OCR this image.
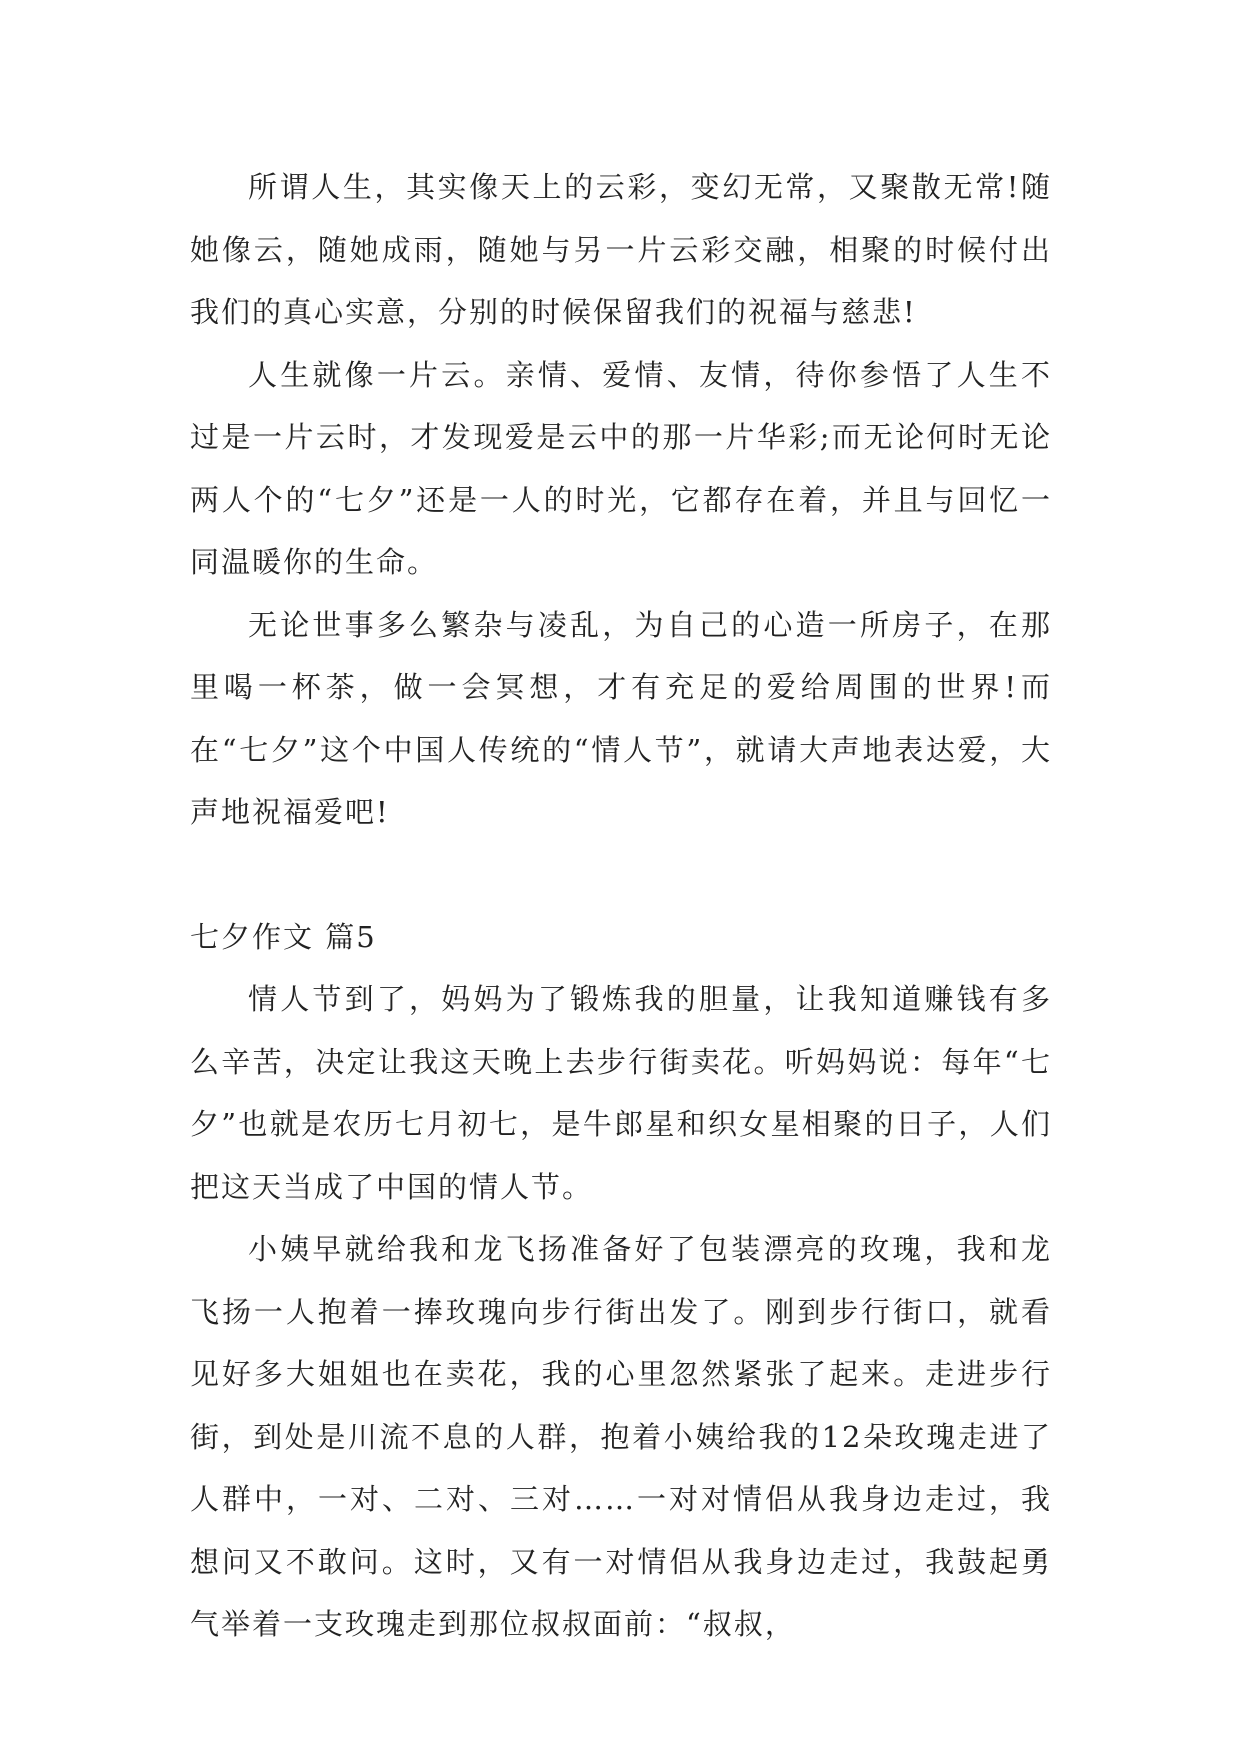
所谓人生，其实像天上的云彩，变幻无常，又聚散无常!随她像云，随她成雨，随她与另一片云彩交融，相聚的时候付出我们的真心实意，分别的时候保留我们的祝福与慈悲!

人生就像一片云。亲情、爱情、友情，待你参悟了人生不过是一片云时，才发现爱是云中的那一片华彩;而无论何时无论两人个的“七夕”还是一人的时光，它都存在着，并且与回忆一同温暖你的生命。

无论世事多么繁杂与凌乱，为自己的心造一所房子，在那里喝一杯茶，做一会冥想，才有充足的爱给周围的世界!而在“七夕”这个中国人传统的“情人节”，就请大声地表达爱，大声地祝福爱吧!

七夕作文 篇5

情人节到了，妈妈为了锻炼我的胆量，让我知道赚钱有多么辛苦，决定让我这天晚上去步行街卖花。听妈妈说：每年“七夕”也就是农历七月初七，是牛郎星和织女星相聚的日子，人们把这天当成了中国的情人节。

小姨早就给我和龙飞扬准备好了包装漂亮的玫瑰，我和龙飞扬一人抱着一捧玫瑰向步行街出发了。刚到步行街口，就看见好多大姐姐也在卖花，我的心里忽然紧张了起来。走进步行街，到处是川流不息的人群，抱着小姨给我的12朵玫瑰走进了人群中，一对、二对、三对……一对对情侣从我身边走过，我想问又不敢问。这时，又有一对情侣从我身边走过，我鼓起勇气举着一支玫瑰走到那位叔叔面前：“叔叔，
